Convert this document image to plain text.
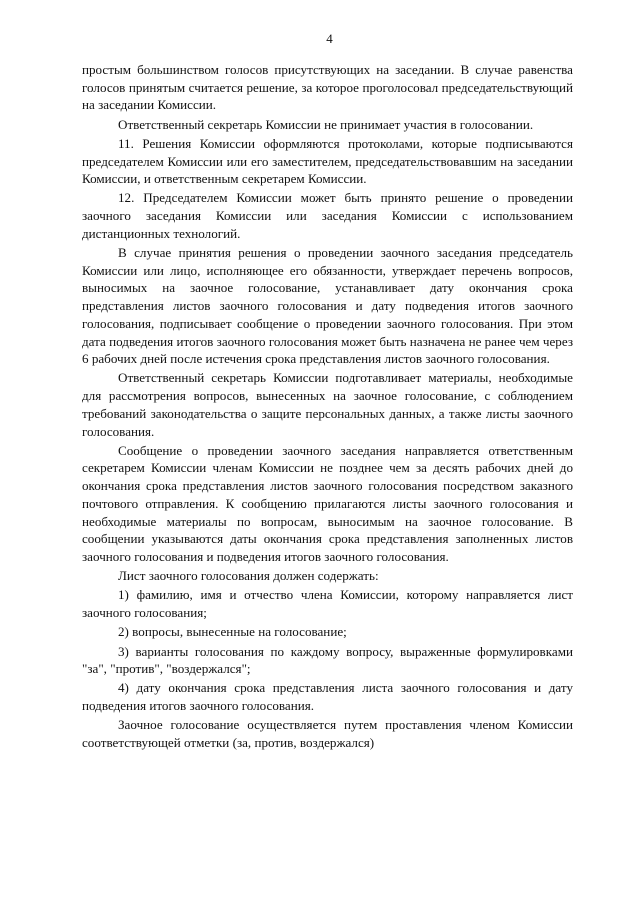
4

простым большинством голосов присутствующих на заседании. В случае равенства голосов принятым считается решение, за которое проголосовал председательствующий на заседании Комиссии.

Ответственный секретарь Комиссии не принимает участия в голосовании.

11. Решения Комиссии оформляются протоколами, которые подписываются председателем Комиссии или его заместителем, председательствовавшим на заседании Комиссии, и ответственным секретарем Комиссии.

12. Председателем Комиссии может быть принято решение о проведении заочного заседания Комиссии или заседания Комиссии с использованием дистанционных технологий.

В случае принятия решения о проведении заочного заседания председатель Комиссии или лицо, исполняющее его обязанности, утверждает перечень вопросов, выносимых на заочное голосование, устанавливает дату окончания срока представления листов заочного голосования и дату подведения итогов заочного голосования, подписывает сообщение о проведении заочного голосования. При этом дата подведения итогов заочного голосования может быть назначена не ранее чем через 6 рабочих дней после истечения срока представления листов заочного голосования.

Ответственный секретарь Комиссии подготавливает материалы, необходимые для рассмотрения вопросов, вынесенных на заочное голосование, с соблюдением требований законодательства о защите персональных данных, а также листы заочного голосования.

Сообщение о проведении заочного заседания направляется ответственным секретарем Комиссии членам Комиссии не позднее чем за десять рабочих дней до окончания срока представления листов заочного голосования посредством заказного почтового отправления. К сообщению прилагаются листы заочного голосования и необходимые материалы по вопросам, выносимым на заочное голосование. В сообщении указываются даты окончания срока представления заполненных листов заочного голосования и подведения итогов заочного голосования.

Лист заочного голосования должен содержать:

1) фамилию, имя и отчество члена Комиссии, которому направляется лист заочного голосования;

2) вопросы, вынесенные на голосование;

3) варианты голосования по каждому вопросу, выраженные формулировками "за", "против", "воздержался";

4) дату окончания срока представления листа заочного голосования и дату подведения итогов заочного голосования.

Заочное голосование осуществляется путем проставления членом Комиссии соответствующей отметки (за, против, воздержался)
